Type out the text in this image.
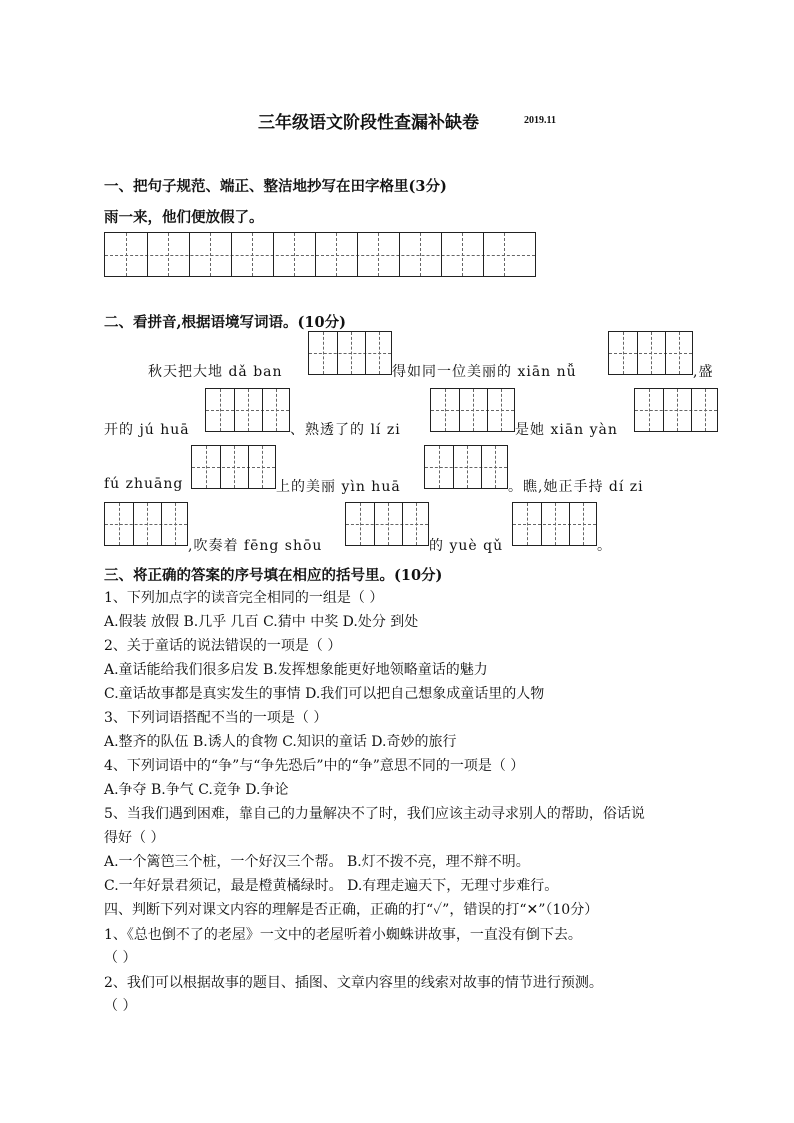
三年级语文阶段性查漏补缺卷	2019.11
一、把句子规范、端正、整洁地抄写在田字格里(3分)
雨一来，他们便放假了。
二、看拼音,根据语境写词语。(10分)
秋天把大地 dǎ ban	得如同一位美丽的 xiān nǚ	,盛
开的 jú huā	、熟透了的 lí zi	是她 xiān yàn
fú zhuāng	上的美丽 yìn huā	。瞧,她正手持 dí zi
,吹奏着 fēng shōu	的 yuè qǔ	。
三、将正确的答案的序号填在相应的括号里。(10分)
1、下列加点字的读音完全相同的一组是（ ）
A.假装 放假 B.几乎 几百 C.猜中 中奖 D.处分 到处
2、关于童话的说法错误的一项是（ ）
A.童话能给我们很多启发 B.发挥想象能更好地领略童话的魅力
C.童话故事都是真实发生的事情 D.我们可以把自己想象成童话里的人物
3、下列词语搭配不当的一项是（ ）
A.整齐的队伍 B.诱人的食物 C.知识的童话 D.奇妙的旅行
4、下列词语中的“争”与“争先恐后”中的“争”意思不同的一项是（ ）
A.争夺 B.争气 C.竞争 D.争论
5、当我们遇到困难，靠自己的力量解决不了时，我们应该主动寻求别人的帮助，俗话说
得好（ ）
A.一个篱笆三个桩，一个好汉三个帮。 B.灯不拨不亮，理不辩不明。
C.一年好景君须记，最是橙黄橘绿时。 D.有理走遍天下，无理寸步难行。
四、判断下列对课文内容的理解是否正确，正确的打“✓”，错误的打“✕”（10分）
1、《总也倒不了的老屋》一文中的老屋听着小蜘蛛讲故事，一直没有倒下去。
（ ）
2、我们可以根据故事的题目、插图、文章内容里的线索对故事的情节进行预测。
（ ）
